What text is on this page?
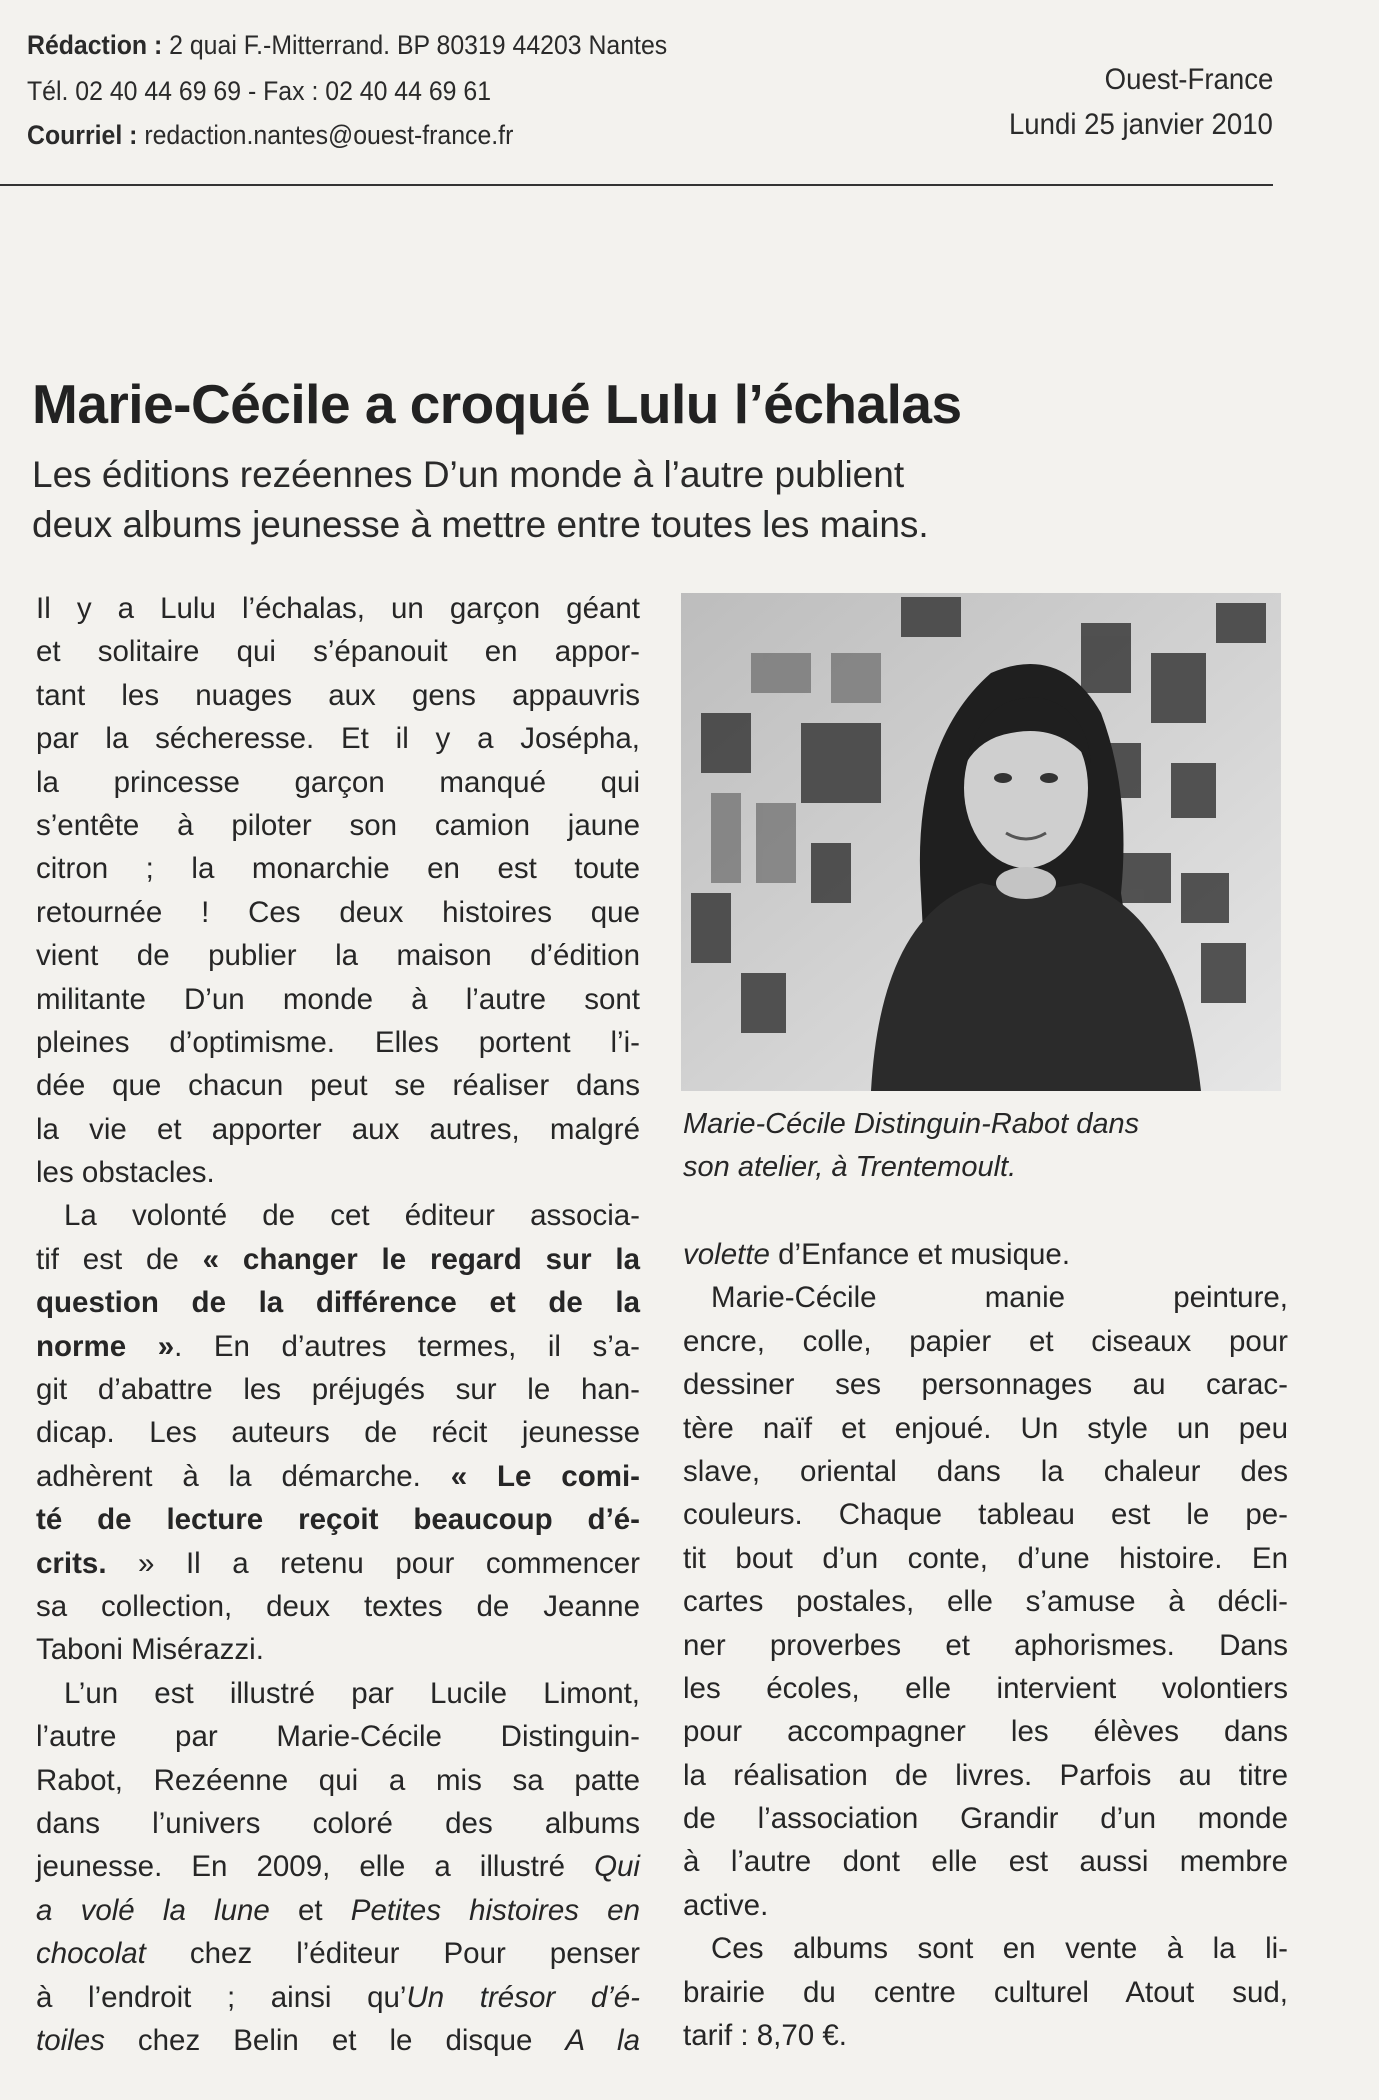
Rédaction : 2 quai F.-Mitterrand. BP 80319 44203 Nantes
Tél. 02 40 44 69 69 - Fax : 02 40 44 69 61
Courriel : redaction.nantes@ouest-france.fr
Ouest-France
Lundi 25 janvier 2010
Marie-Cécile a croqué Lulu l’échalas
Les éditions rezéennes D’un monde à l’autre publient
deux albums jeunesse à mettre entre toutes les mains.
Il y a Lulu l’échalas, un garçon géant
et solitaire qui s’épanouit en appor-
tant les nuages aux gens appauvris
par la sécheresse. Et il y a Josépha,
la princesse garçon manqué qui
s’entête à piloter son camion jaune
citron ; la monarchie en est toute
retournée ! Ces deux histoires que
vient de publier la maison d’édition
militante D’un monde à l’autre sont
pleines d’optimisme. Elles portent l’i-
dée que chacun peut se réaliser dans
la vie et apporter aux autres, malgré
les obstacles.
La volonté de cet éditeur associa-
tif est de « changer le regard sur la
question de la différence et de la
norme ». En d’autres termes, il s’a-
git d’abattre les préjugés sur le han-
dicap. Les auteurs de récit jeunesse
adhèrent à la démarche. « Le comi-
té de lecture reçoit beaucoup d’é-
crits. » Il a retenu pour commencer
sa collection, deux textes de Jeanne
Taboni Misérazzi.
L’un est illustré par Lucile Limont,
l’autre par Marie-Cécile Distinguin-
Rabot, Rezéenne qui a mis sa patte
dans l’univers coloré des albums
jeunesse. En 2009, elle a illustré Qui
a volé la lune et Petites histoires en
chocolat chez l’éditeur Pour penser
à l’endroit ; ainsi qu’Un trésor d’é-
toiles chez Belin et le disque A la
Marie-Cécile Distinguin-Rabot dans
son atelier, à Trentemoult.
volette d’Enfance et musique.
Marie-Cécile manie peinture,
encre, colle, papier et ciseaux pour
dessiner ses personnages au carac-
tère naïf et enjoué. Un style un peu
slave, oriental dans la chaleur des
couleurs. Chaque tableau est le pe-
tit bout d’un conte, d’une histoire. En
cartes postales, elle s’amuse à décli-
ner proverbes et aphorismes. Dans
les écoles, elle intervient volontiers
pour accompagner les élèves dans
la réalisation de livres. Parfois au titre
de l’association Grandir d’un monde
à l’autre dont elle est aussi membre
active.
Ces albums sont en vente à la li-
brairie du centre culturel Atout sud,
tarif : 8,70 €.
